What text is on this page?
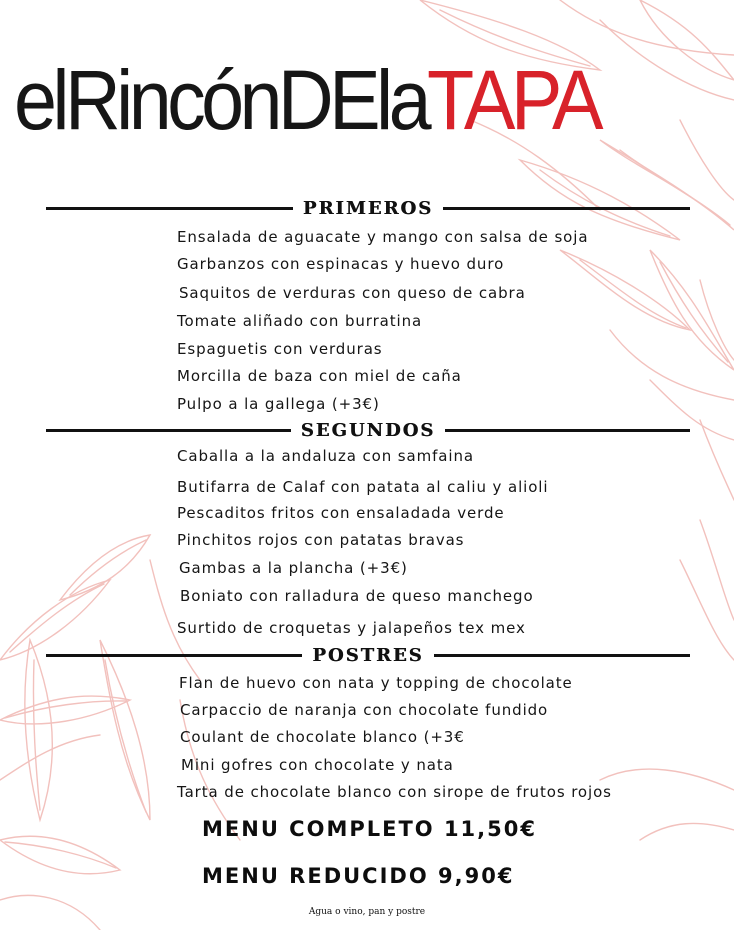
elRincónDElaTAPA
PRIMEROS
Ensalada de aguacate y mango con salsa de soja
Garbanzos con espinacas y huevo duro
Saquitos de verduras con queso de cabra
Tomate aliñado con burratina
Espaguetis con verduras
Morcilla de baza con miel de caña
Pulpo a la gallega (+3€)
SEGUNDOS
Caballa a la andaluza con samfaina
Butifarra de Calaf con patata al caliu y alioli
Pescaditos fritos con ensaladada verde
Pinchitos rojos con patatas bravas
Gambas a la plancha (+3€)
Boniato con ralladura de queso manchego
Surtido de croquetas y jalapeños tex mex
POSTRES
Flan de huevo con nata y topping de chocolate
Carpaccio de naranja con chocolate fundido
Coulant de chocolate blanco (+3€
Mini gofres con chocolate y nata
Tarta de chocolate blanco con sirope de frutos rojos
MENU COMPLETO 11,50€
MENU REDUCIDO 9,90€
Agua o vino, pan y postre
